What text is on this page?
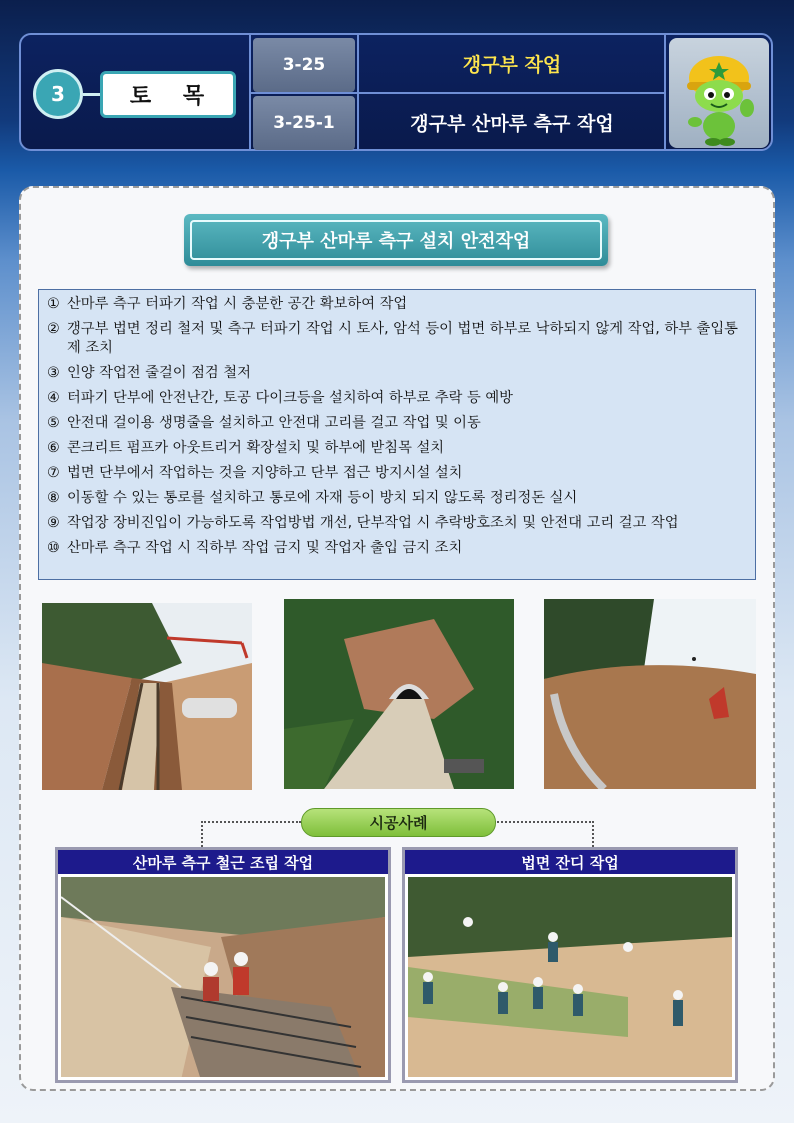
3	토 목
3-25	갱구부 작업
3-25-1	갱구부 산마루 측구 작업
갱구부 산마루 측구 설치 안전작업
① 산마루 측구 터파기 작업 시 충분한 공간 확보하여 작업
② 갱구부 법면 정리 철저 및 측구 터파기 작업 시 토사, 암석 등이 법면 하부로 낙하되지 않게 작업, 하부 출입통제 조치
③ 인양 작업전 줄걸이 점검 철저
④ 터파기 단부에 안전난간, 토공 다이크등을 설치하여 하부로 추락 등 예방
⑤ 안전대 걸이용 생명줄을 설치하고 안전대 고리를 걸고 작업 및 이동
⑥ 콘크리트 펌프카 아웃트리거 확장설치 및 하부에 받침목 설치
⑦ 법면 단부에서 작업하는 것을 지양하고 단부 접근 방지시설 설치
⑧ 이동할 수 있는 통로를 설치하고 통로에 자재 등이 방치 되지 않도록 정리정돈 실시
⑨ 작업장 장비진입이 가능하도록 작업방법 개선, 단부작업 시 추락방호조치 및 안전대 고리 걸고 작업
⑩ 산마루 측구 작업 시 직하부 작업 금지 및 작업자 출입 금지 조치
시공사례
산마루 측구 철근 조립 작업	법면 잔디 작업
